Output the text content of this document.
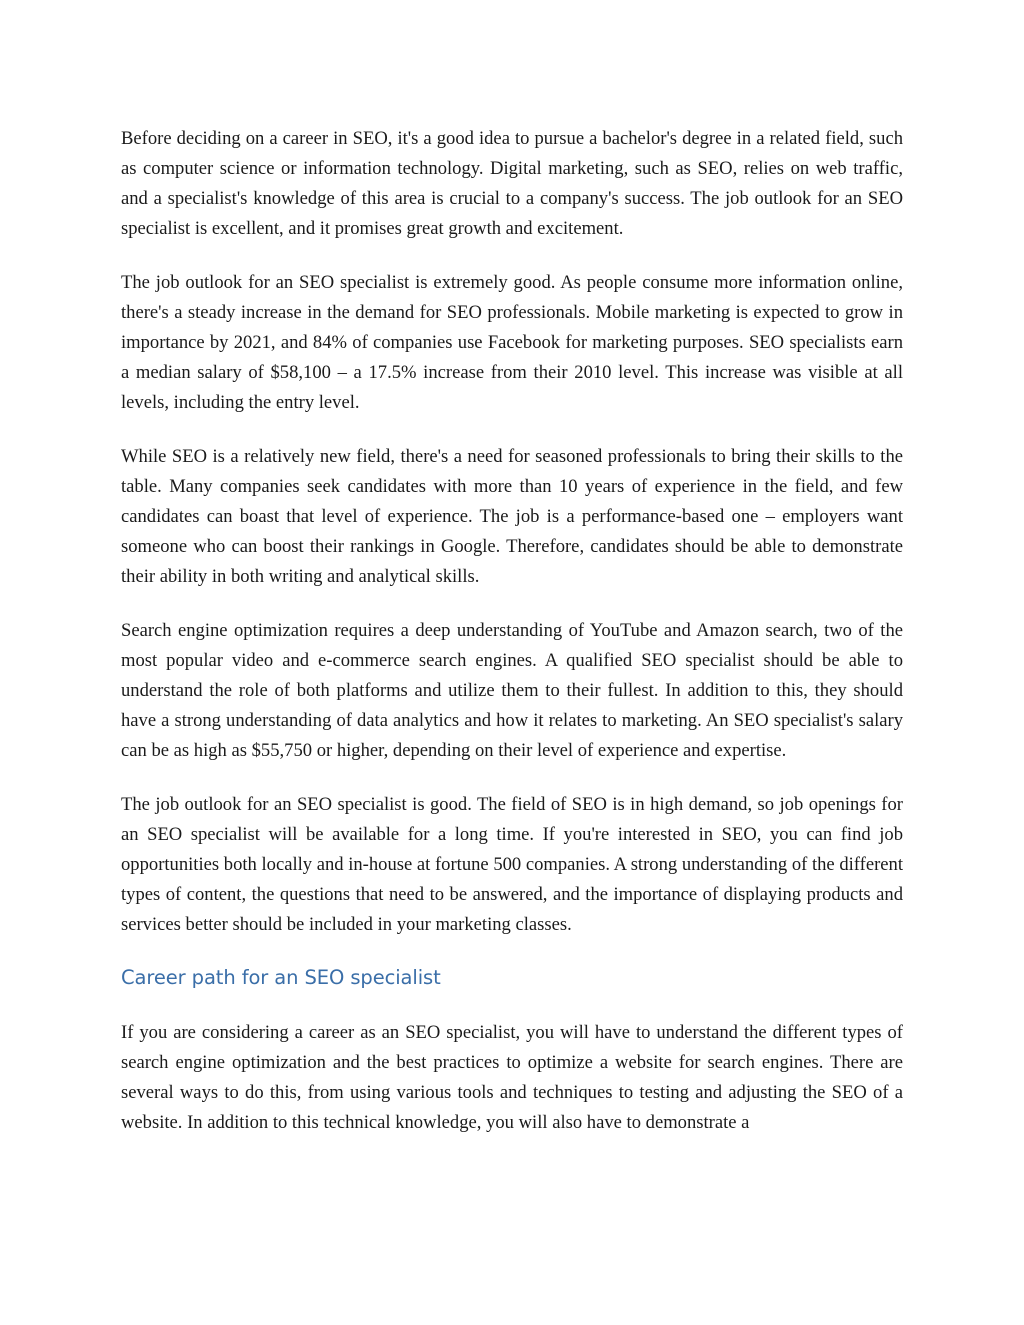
Before deciding on a career in SEO, it's a good idea to pursue a bachelor's degree in a related field, such as computer science or information technology. Digital marketing, such as SEO, relies on web traffic, and a specialist's knowledge of this area is crucial to a company's success. The job outlook for an SEO specialist is excellent, and it promises great growth and excitement.

The job outlook for an SEO specialist is extremely good. As people consume more information online, there's a steady increase in the demand for SEO professionals. Mobile marketing is expected to grow in importance by 2021, and 84% of companies use Facebook for marketing purposes. SEO specialists earn a median salary of $58,100 – a 17.5% increase from their 2010 level. This increase was visible at all levels, including the entry level.

While SEO is a relatively new field, there's a need for seasoned professionals to bring their skills to the table. Many companies seek candidates with more than 10 years of experience in the field, and few candidates can boast that level of experience. The job is a performance-based one – employers want someone who can boost their rankings in Google. Therefore, candidates should be able to demonstrate their ability in both writing and analytical skills.

Search engine optimization requires a deep understanding of YouTube and Amazon search, two of the most popular video and e-commerce search engines. A qualified SEO specialist should be able to understand the role of both platforms and utilize them to their fullest. In addition to this, they should have a strong understanding of data analytics and how it relates to marketing. An SEO specialist's salary can be as high as $55,750 or higher, depending on their level of experience and expertise.

The job outlook for an SEO specialist is good. The field of SEO is in high demand, so job openings for an SEO specialist will be available for a long time. If you're interested in SEO, you can find job opportunities both locally and in-house at fortune 500 companies. A strong understanding of the different types of content, the questions that need to be answered, and the importance of displaying products and services better should be included in your marketing classes.

Career path for an SEO specialist

If you are considering a career as an SEO specialist, you will have to understand the different types of search engine optimization and the best practices to optimize a website for search engines. There are several ways to do this, from using various tools and techniques to testing and adjusting the SEO of a website. In addition to this technical knowledge, you will also have to demonstrate a
